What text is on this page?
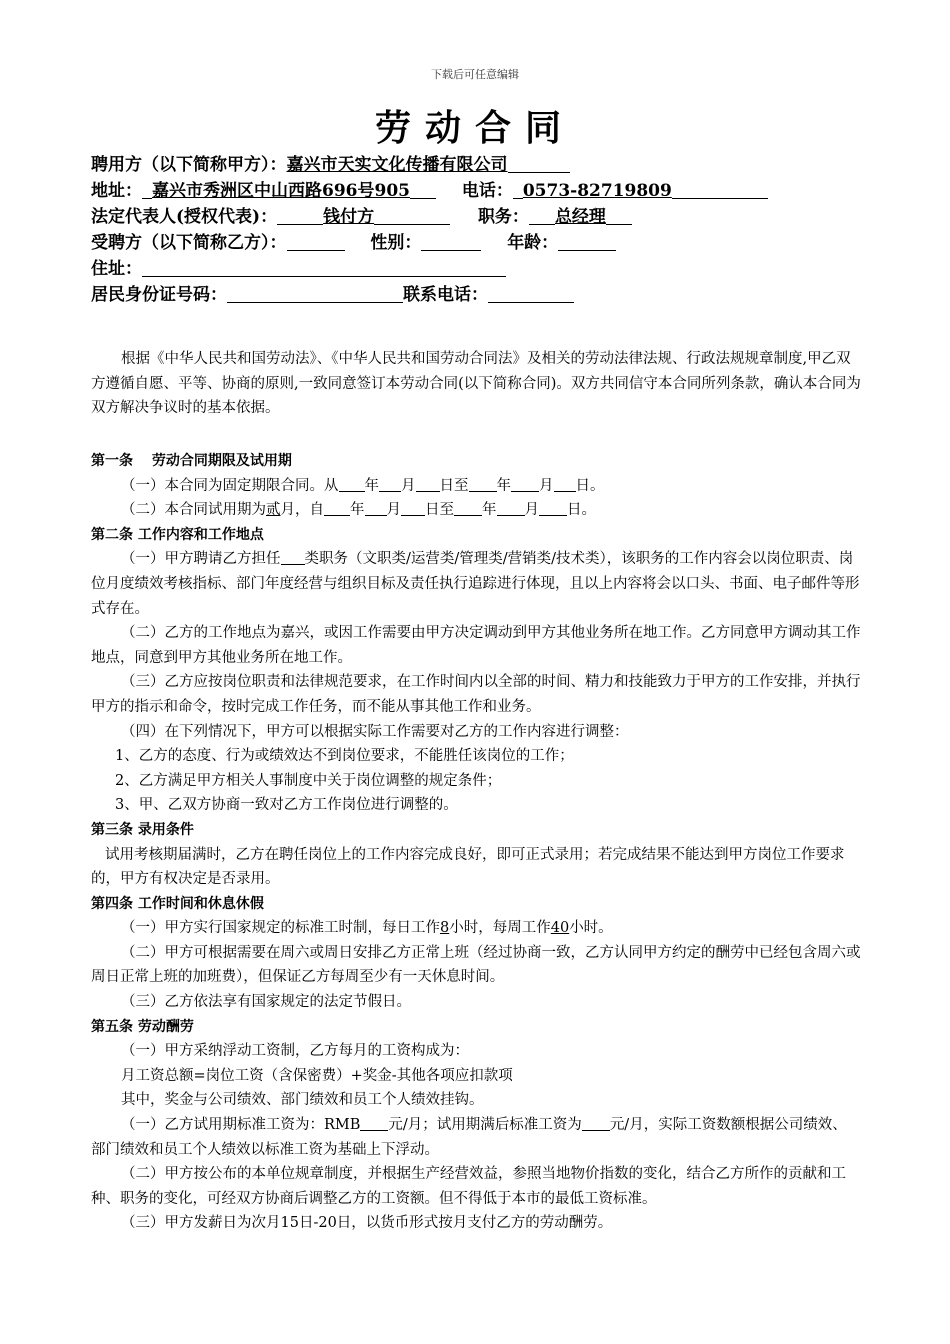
下载后可任意编辑
劳动合同
聘用方（以下简称甲方）：嘉兴市天实文化传播有限公司
地址： 嘉兴市秀洲区中山西路696号905	电话： 0573-82719809
法定代表人(授权代表)：	钱付方	职务： 总经理
受聘方（以下简称乙方）：	性别：	年龄：
住址：
居民身份证号码：	联系电话：

根据《中华人民共和国劳动法》、《中华人民共和国劳动合同法》及相关的劳动法律法规、行政法规规章制度,甲乙双方遵循自愿、平等、协商的原则,一致同意签订本劳动合同(以下简称合同)。双方共同信守本合同所列条款，确认本合同为双方解决争议时的基本依据。

第一条　 劳动合同期限及试用期

（一）本合同为固定期限合同。从 年 月 日至 年 月 日。

（二）本合同试用期为贰月，自 年 月 日至 年 月 日。

第二条 工作内容和工作地点

（一）甲方聘请乙方担任 类职务（文职类/运营类/管理类/营销类/技术类），该职务的工作内容会以岗位职责、岗位月度绩效考核指标、部门年度经营与组织目标及责任执行追踪进行体现，且以上内容将会以口头、书面、电子邮件等形式存在。

（二）乙方的工作地点为嘉兴，或因工作需要由甲方决定调动到甲方其他业务所在地工作。乙方同意甲方调动其工作地点，同意到甲方其他业务所在地工作。

（三）乙方应按岗位职责和法律规范要求，在工作时间内以全部的时间、精力和技能致力于甲方的工作安排，并执行甲方的指示和命令，按时完成工作任务，而不能从事其他工作和业务。

（四）在下列情况下，甲方可以根据实际工作需要对乙方的工作内容进行调整：

1、乙方的态度、行为或绩效达不到岗位要求，不能胜任该岗位的工作；

2、乙方满足甲方相关人事制度中关于岗位调整的规定条件；

3、甲、乙双方协商一致对乙方工作岗位进行调整的。

第三条 录用条件

试用考核期届满时，乙方在聘任岗位上的工作内容完成良好，即可正式录用；若完成结果不能达到甲方岗位工作要求的，甲方有权决定是否录用。

第四条 工作时间和休息休假

（一）甲方实行国家规定的标准工时制，每日工作8小时，每周工作40小时。

（二）甲方可根据需要在周六或周日安排乙方正常上班（经过协商一致，乙方认同甲方约定的酬劳中已经包含周六或周日正常上班的加班费），但保证乙方每周至少有一天休息时间。

（三）乙方依法享有国家规定的法定节假日。

第五条 劳动酬劳

（一）甲方采纳浮动工资制，乙方每月的工资构成为：

月工资总额=岗位工资（含保密费）+奖金-其他各项应扣款项

其中，奖金与公司绩效、部门绩效和员工个人绩效挂钩。

（一）乙方试用期标准工资为：RMB 元/月；试用期满后标准工资为 元/月，实际工资数额根据公司绩效、部门绩效和员工个人绩效以标准工资为基础上下浮动。

（二）甲方按公布的本单位规章制度，并根据生产经营效益，参照当地物价指数的变化，结合乙方所作的贡献和工种、职务的变化，可经双方协商后调整乙方的工资额。但不得低于本市的最低工资标准。

（三）甲方发薪日为次月15日-20日，以货币形式按月支付乙方的劳动酬劳。
